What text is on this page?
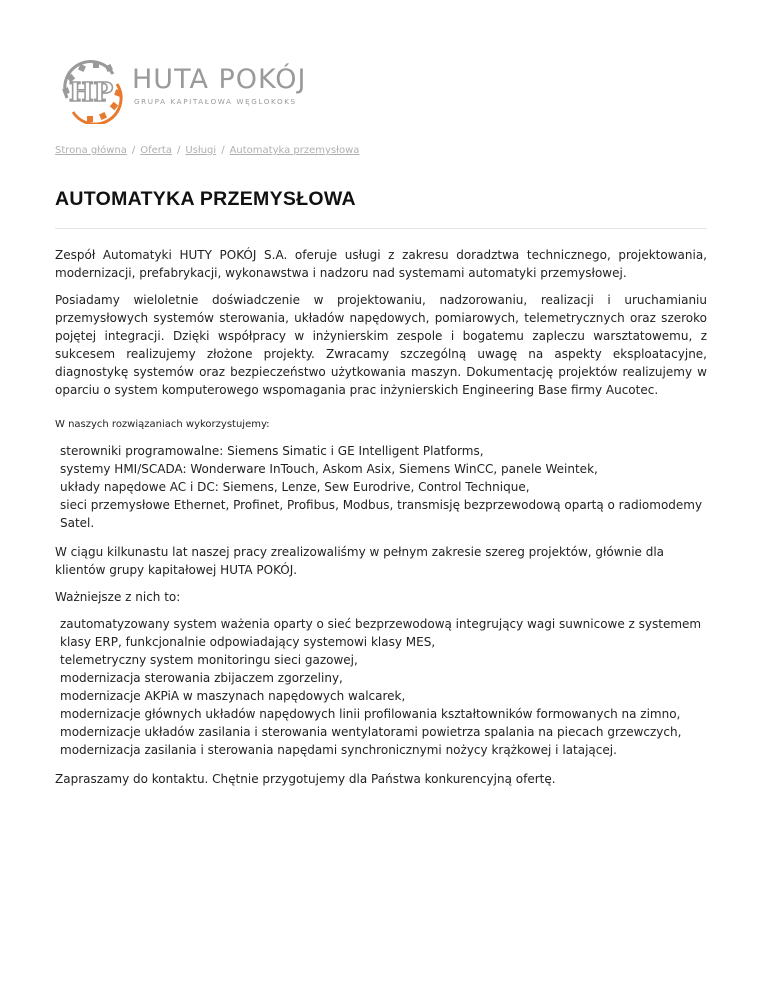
HP HUTA POKÓJ
GRUPA KAPITAŁOWA WĘGLOKOKS
Strona główna / Oferta / Usługi / Automatyka przemysłowa
AUTOMATYKA PRZEMYSŁOWA

Zespół Automatyki HUTY POKÓJ S.A. oferuje usługi z zakresu doradztwa technicznego, projektowania, modernizacji, prefabrykacji, wykonawstwa i nadzoru nad systemami automatyki przemysłowej.

Posiadamy wieloletnie doświadczenie w projektowaniu, nadzorowaniu, realizacji i uruchamianiu przemysłowych systemów sterowania, układów napędowych, pomiarowych, telemetrycznych oraz szeroko pojętej integracji. Dzięki współpracy w inżynierskim zespole i bogatemu zapleczu warsztatowemu, z sukcesem realizujemy złożone projekty. Zwracamy szczególną uwagę na aspekty eksploatacyjne, diagnostykę systemów oraz bezpieczeństwo użytkowania maszyn. Dokumentację projektów realizujemy w oparciu o system komputerowego wspomagania prac inżynierskich Engineering Base firmy Aucotec.

W naszych rozwiązaniach wykorzystujemy:

sterowniki programowalne: Siemens Simatic i GE Intelligent Platforms,
systemy HMI/SCADA: Wonderware InTouch, Askom Asix, Siemens WinCC, panele Weintek,
układy napędowe AC i DC: Siemens, Lenze, Sew Eurodrive, Control Technique,
sieci przemysłowe Ethernet, Profinet, Profibus, Modbus, transmisję bezprzewodową opartą o radiomodemy Satel.

W ciągu kilkunastu lat naszej pracy zrealizowaliśmy w pełnym zakresie szereg projektów, głównie dla klientów grupy kapitałowej HUTA POKÓJ.

Ważniejsze z nich to:

zautomatyzowany system ważenia oparty o sieć bezprzewodową integrujący wagi suwnicowe z systemem klasy ERP, funkcjonalnie odpowiadający systemowi klasy MES,
telemetryczny system monitoringu sieci gazowej,
modernizacja sterowania zbijaczem zgorzeliny,
modernizacje AKPiA w maszynach napędowych walcarek,
modernizacje głównych układów napędowych linii profilowania kształtowników formowanych na zimno,
modernizacje układów zasilania i sterowania wentylatorami powietrza spalania na piecach grzewczych,
modernizacja zasilania i sterowania napędami synchronicznymi nożycy krążkowej i latającej.

Zapraszamy do kontaktu. Chętnie przygotujemy dla Państwa konkurencyjną ofertę.
